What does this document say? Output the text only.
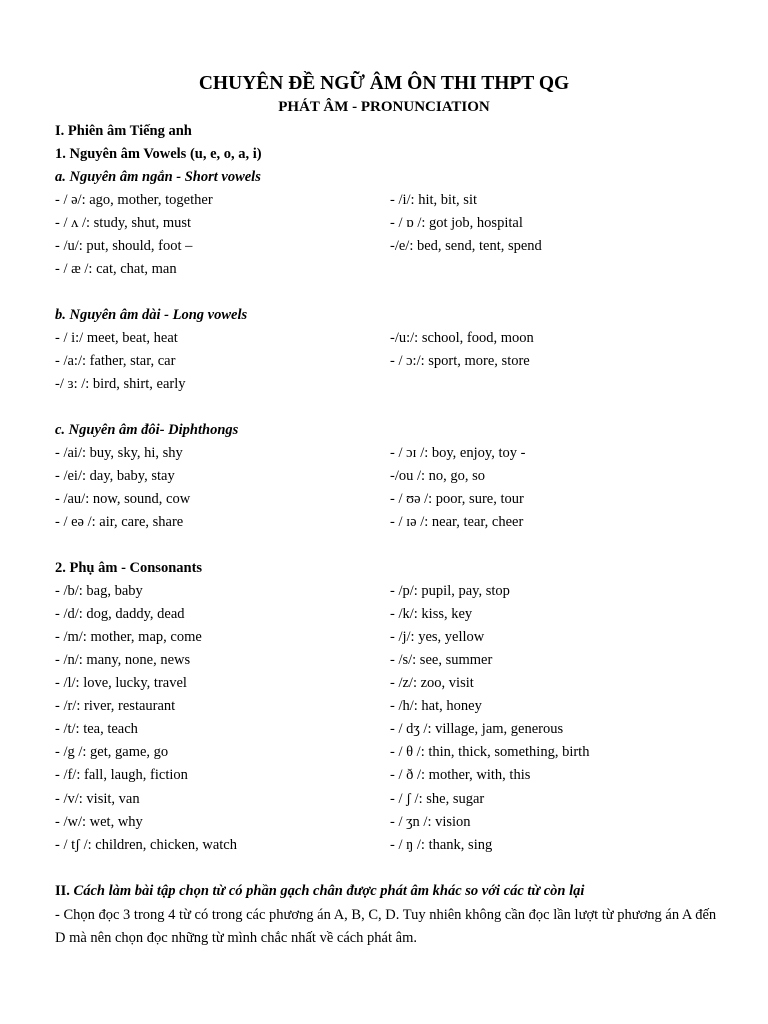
CHUYÊN ĐỀ NGỮ ÂM ÔN THI THPT QG
PHÁT ÂM - PRONUNCIATION
I. Phiên âm Tiếng anh
1. Nguyên âm Vowels (u, e, o, a, i)
a. Nguyên âm ngắn - Short vowels
- / ə/: ago, mother, together	- /i/: hit, bit, sit
- / ʌ /: study, shut, must	- / ɒ /: got job, hospital
- /u/: put, should, foot –	-/e/: bed, send, tent, spend
- / æ /: cat, chat, man
b. Nguyên âm dài - Long vowels
- / i:/ meet, beat, heat	-/u:/: school, food, moon
- /a:/: father, star, car	- / ɔ:/: sport, more, store
-/ ɜ: /: bird, shirt, early
c. Nguyên âm đôi- Diphthongs
- /ai/: buy, sky, hi, shy	- / ɔɪ /: boy, enjoy, toy -
- /ei/: day, baby, stay	-/ou /: no, go, so
- /au/: now, sound, cow	- / ʊə /: poor, sure, tour
- / eə /: air, care, share	- / ɪə /: near, tear, cheer
2. Phụ âm - Consonants
- /b/: bag, baby	- /p/: pupil, pay, stop
- /d/: dog, daddy, dead	- /k/: kiss, key
- /m/: mother, map, come	- /j/: yes, yellow
- /n/: many, none, news	- /s/: see, summer
- /l/: love, lucky, travel	- /z/: zoo, visit
- /r/: river, restaurant	- /h/: hat, honey
- /t/: tea, teach	- / dʒ /: village, jam, generous
- /g /: get, game, go	- / θ /: thin, thick, something, birth
- /f/: fall, laugh, fiction	- / ð /: mother, with, this
- /v/: visit, van	- / ʃ /: she, sugar
- /w/: wet, why	- / ʒn /: vision
- / tʃ /: children, chicken, watch	- / ŋ /: thank, sing
II. Cách làm bài tập chọn từ có phần gạch chân được phát âm khác so với các từ còn lại
- Chọn đọc 3 trong 4 từ có trong các phương án A, B, C, D. Tuy nhiên không cần đọc lần lượt từ phương án A đến D mà nên chọn đọc những từ mình chắc nhất về cách phát âm.
